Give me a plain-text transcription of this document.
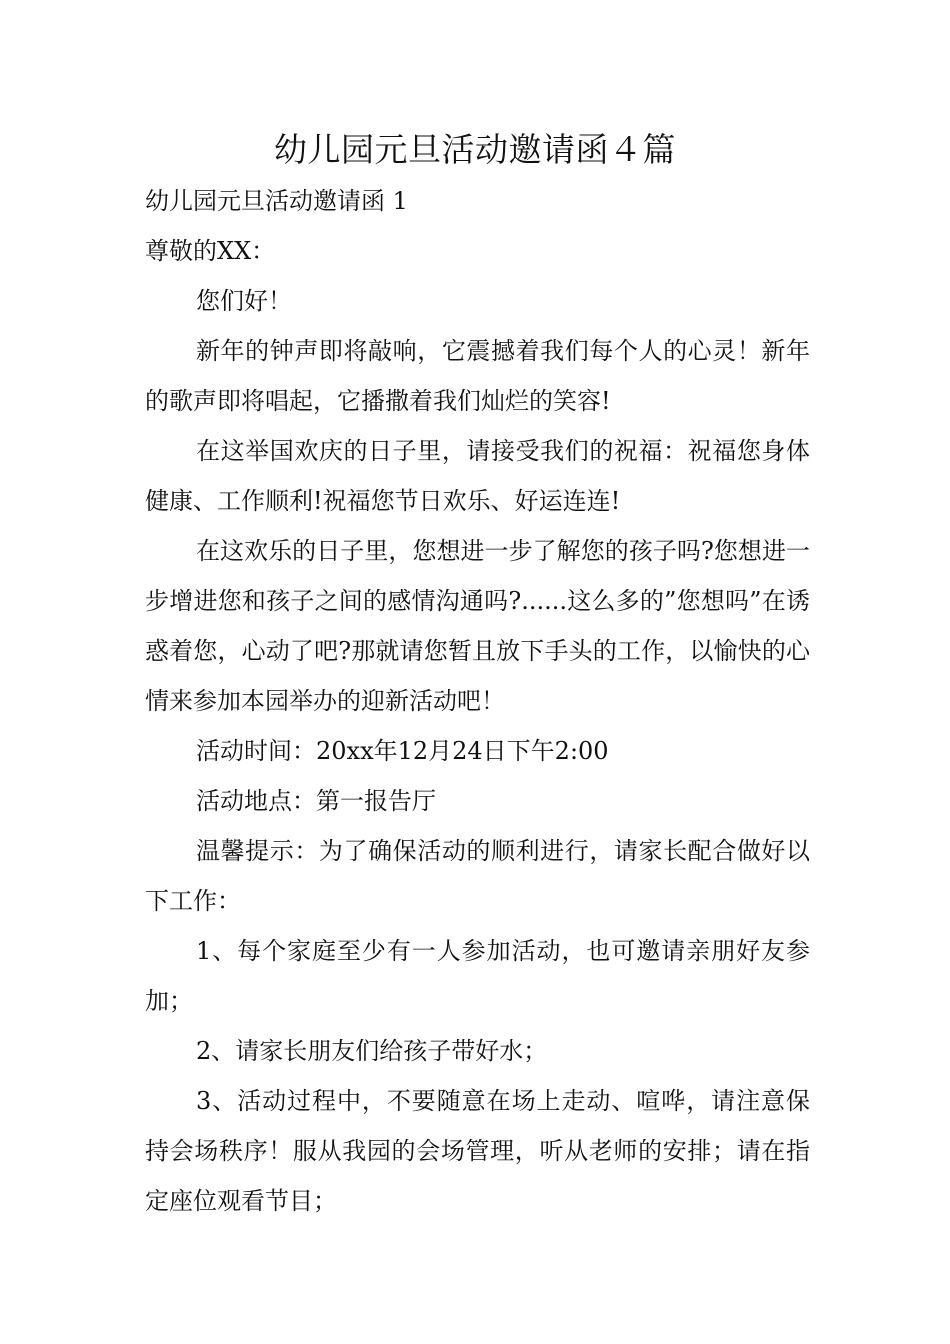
幼儿园元旦活动邀请函４篇

幼儿园元旦活动邀请函 1

尊敬的XX：

您们好！

新年的钟声即将敲响，它震撼着我们每个人的心灵！新年的歌声即将唱起，它播撒着我们灿烂的笑容!

在这举国欢庆的日子里，请接受我们的祝福：祝福您身体健康、工作顺利!祝福您节日欢乐、好运连连!

在这欢乐的日子里，您想进一步了解您的孩子吗?您想进一步增进您和孩子之间的感情沟通吗?......这么多的”您想吗”在诱惑着您，心动了吧?那就请您暂且放下手头的工作，以愉快的心情来参加本园举办的迎新活动吧！

活动时间：20xx年12月24日下午2:00

活动地点：第一报告厅

温馨提示：为了确保活动的顺利进行，请家长配合做好以下工作：

1、每个家庭至少有一人参加活动，也可邀请亲朋好友参加；

2、请家长朋友们给孩子带好水；

3、活动过程中，不要随意在场上走动、喧哗，请注意保持会场秩序！服从我园的会场管理，听从老师的安排；请在指定座位观看节目；
